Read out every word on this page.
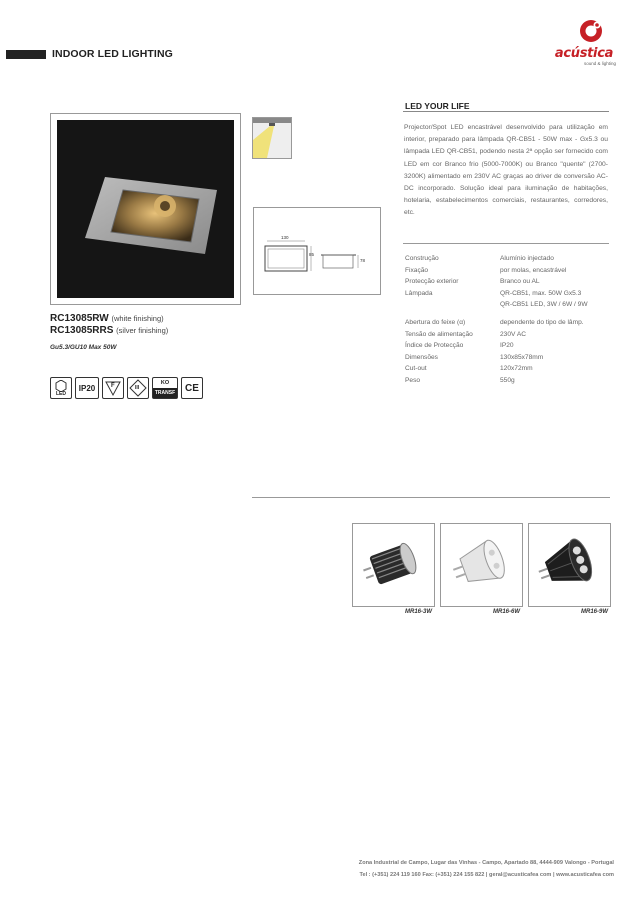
INDOOR LED LIGHTING	acústica
sound & lighting
RC13085RW (white finishing)
RC13085RRS (silver finishing)
Gu5.3/GU10 Max 50W
LED
IP20	F	III
KO
TRANSF CE
130
85
78
LED YOUR LIFE
Projector/Spot LED encastrável desenvolvido para utilização em interior, preparado para lâmpada QR-CB51 - 50W max - Gx5.3 ou lâmpada LED QR-CB51, podendo nesta 2ª opção ser fornecido com LED em cor Branco frio (5000-7000K) ou Branco "quente" (2700-3200K) alimentado em 230V AC graças ao driver de conversão AC-DC incorporado. Solução ideal para iluminação de habitações, hotelaria, estabelecimentos comerciais, restaurantes, corredores, etc.
Construção	Alumínio injectado
Fixação	por molas, encastrável
Protecção exterior	Branco ou AL
Lâmpada	QR-CB51, max. 50W Gx5.3
QR-CB51 LED, 3W / 6W / 9W
Abertura do feixe (α)	dependente do tipo de lâmp.
Tensão de alimentação	230V AC
Índice de Protecção	IP20
Dimensões	130x85x78mm
Cut-out	120x72mm
Peso	550g
MR16-3W	MR16-6W	MR16-9W
Zona Industrial de Campo, Lugar das Vinhas - Campo, Apartado 88, 4444-909 Valongo - Portugal
Tel : (+351) 224 119 160 Fax: (+351) 224 155 822 | geral@acusticafea com | www.acusticafea com
